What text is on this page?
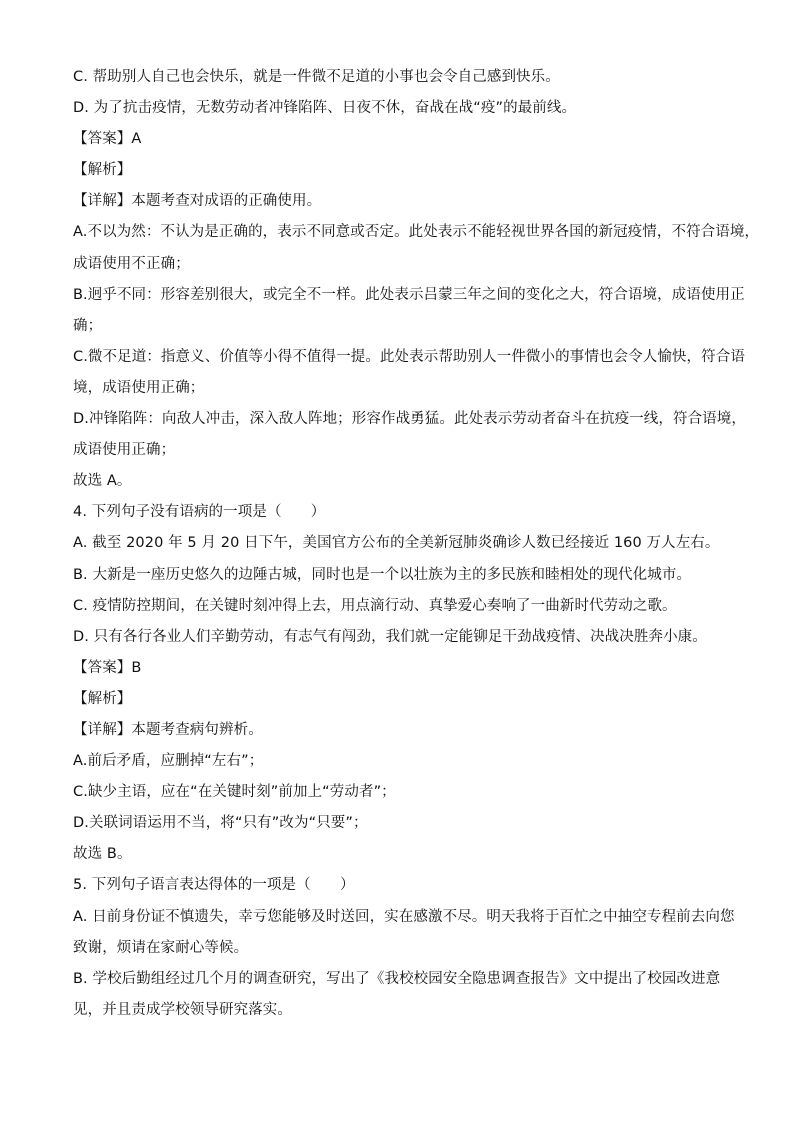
C. 帮助别人自己也会快乐，就是一件微不足道的小事也会令自己感到快乐。
D. 为了抗击疫情，无数劳动者冲锋陷阵、日夜不休，奋战在战“疫”的最前线。
【答案】A
【解析】
【详解】本题考查对成语的正确使用。
A.不以为然：不认为是正确的，表示不同意或否定。此处表示不能轻视世界各国的新冠疫情，不符合语境，
成语使用不正确；
B.迥乎不同：形容差别很大，或完全不一样。此处表示吕蒙三年之间的变化之大，符合语境，成语使用正
确；
C.微不足道：指意义、价值等小得不值得一提。此处表示帮助别人一件微小的事情也会令人愉快，符合语
境，成语使用正确；
D.冲锋陷阵：向敌人冲击，深入敌人阵地；形容作战勇猛。此处表示劳动者奋斗在抗疫一线，符合语境，
成语使用正确；
故选 A。
4. 下列句子没有语病的一项是（　　）
A. 截至 2020 年 5 月 20 日下午，美国官方公布的全美新冠肺炎确诊人数已经接近 160 万人左右。
B. 大新是一座历史悠久的边陲古城，同时也是一个以壮族为主的多民族和睦相处的现代化城市。
C. 疫情防控期间，在关键时刻冲得上去，用点滴行动、真挚爱心奏响了一曲新时代劳动之歌。
D. 只有各行各业人们辛勤劳动，有志气有闯劲，我们就一定能铆足干劲战疫情、决战决胜奔小康。
【答案】B
【解析】
【详解】本题考查病句辨析。
A.前后矛盾，应删掉“左右”；
C.缺少主语，应在“在关键时刻”前加上“劳动者”；
D.关联词语运用不当，将“只有”改为“只要”；
故选 B。
5. 下列句子语言表达得体的一项是（　　）
A. 日前身份证不慎遗失，幸亏您能够及时送回，实在感激不尽。明天我将于百忙之中抽空专程前去向您
致谢，烦请在家耐心等候。
B. 学校后勤组经过几个月的调查研究，写出了《我校校园安全隐患调查报告》文中提出了校园改进意
见，并且责成学校领导研究落实。
